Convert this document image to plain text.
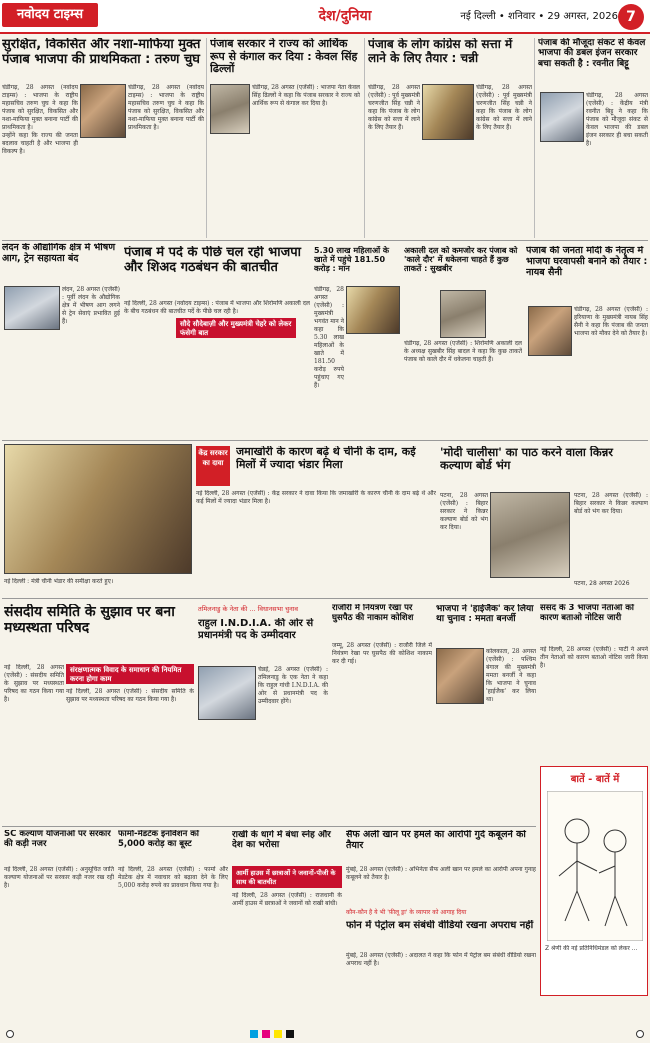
नवोदय टाइम्स	देश/दुनिया	नई दिल्ली • शनिवार • 29 अगस्त, 2026 7
सुरक्षित, विकसित और नशा-माफिया मुक्त पंजाब भाजपा की प्राथमिकता : तरुण चुघ
चंडीगढ़, 28 अगस्त (नवोदय टाइम्स) : भाजपा के राष्ट्रीय महासचिव तरुण चुघ ने कहा कि पंजाब को सुरक्षित, विकसित और नशा-माफिया मुक्त बनाना पार्टी की प्राथमिकता है।
उन्होंने कहा कि राज्य की जनता बदलाव चाहती है और भाजपा ही विकल्प है।
चंडीगढ़, 28 अगस्त (नवोदय टाइम्स) : भाजपा के राष्ट्रीय महासचिव तरुण चुघ ने कहा कि पंजाब को सुरक्षित, विकसित और नशा-माफिया मुक्त बनाना पार्टी की प्राथमिकता है।
पंजाब सरकार ने राज्य को आर्थिक रूप से कंगाल कर दिया : केवल सिंह ढिल्लों
चंडीगढ़, 28 अगस्त (एजेंसी) : भाजपा नेता केवल सिंह ढिल्लों ने कहा कि पंजाब सरकार ने राज्य को आर्थिक रूप से कंगाल कर दिया है।
पंजाब के लोग कांग्रेस को सत्ता में लाने के लिए तैयार : चन्नी
चंडीगढ़, 28 अगस्त (एजेंसी) : पूर्व मुख्यमंत्री चरणजीत सिंह चन्नी ने कहा कि पंजाब के लोग कांग्रेस को सत्ता में लाने के लिए तैयार हैं।
चंडीगढ़, 28 अगस्त (एजेंसी) : पूर्व मुख्यमंत्री चरणजीत सिंह चन्नी ने कहा कि पंजाब के लोग कांग्रेस को सत्ता में लाने के लिए तैयार हैं।
पंजाब की मौजूदा संकट से केवल भाजपा की डबल इंजन सरकार बचा सकती है : रवनीत बिट्टू
चंडीगढ़, 28 अगस्त (एजेंसी) : केंद्रीय मंत्री रवनीत बिट्टू ने कहा कि पंजाब को मौजूदा संकट से केवल भाजपा की डबल इंजन सरकार ही बचा सकती है।
लंदन के औद्योगिक क्षेत्र में भीषण आग, ट्रेन सहायता बंद
लंदन, 28 अगस्त (एजेंसी) : पूर्वी लंदन के औद्योगिक क्षेत्र में भीषण आग लगने से ट्रेन सेवाएं प्रभावित हुई हैं।
पंजाब में पर्दे के पीछे चल रही भाजपा और शिअद गठबंधन की बातचीत
सौदे सौदेबाज़ी और मुख्यमंत्री चेहरे को लेकर फंसेगी बात
नई दिल्ली, 28 अगस्त (नवोदय टाइम्स) : पंजाब में भाजपा और शिरोमणि अकाली दल के बीच गठबंधन की बातचीत पर्दे के पीछे चल रही है।
5.30 लाख महिलाओं के खाते में पहुंचे 181.50 करोड़ : मान
चंडीगढ़, 28 अगस्त (एजेंसी) : मुख्यमंत्री भगवंत मान ने कहा कि 5.30 लाख महिलाओं के खाते में 181.50 करोड़ रुपये पहुंचाए गए हैं।
अकाली दल को कमजोर कर पंजाब को 'काले दौर' में धकेलना चाहते हैं कुछ ताकतें : सुखबीर
चंडीगढ़, 28 अगस्त (एजेंसी) : शिरोमणि अकाली दल के अध्यक्ष सुखबीर सिंह बादल ने कहा कि कुछ ताकतें पंजाब को काले दौर में धकेलना चाहती हैं।
पंजाब की जनता मोदी के नेतृत्व में भाजपा घरवापसी बनाने को तैयार : नायब सैनी
चंडीगढ़, 28 अगस्त (एजेंसी) : हरियाणा के मुख्यमंत्री नायब सिंह सैनी ने कहा कि पंजाब की जनता भाजपा को मौका देने को तैयार है।
केंद्र सरकार का दावा
जमाखोरी के कारण बढ़े थे चीनी के दाम, कई मिलों में ज्यादा भंडार मिला
नई दिल्ली, 28 अगस्त (एजेंसी) : केंद्र सरकार ने दावा किया कि जमाखोरी के कारण चीनी के दाम बढ़े थे और कई मिलों में ज्यादा भंडार मिला है।
नई दिल्ली : मंत्री चीनी भंडार की समीक्षा करते हुए।
'मोदी चालीसा' का पाठ करने वाला किन्नर कल्याण बोर्ड भंग
पटना, 28 अगस्त (एजेंसी) : बिहार सरकार ने किन्नर कल्याण बोर्ड को भंग कर दिया।
पटना, 28 अगस्त (एजेंसी) : बिहार सरकार ने किन्नर कल्याण बोर्ड को भंग कर दिया।
पटना, 28 अगस्त 2026
संसदीय समिति के सुझाव पर बना मध्यस्थता परिषद
संरक्षणात्मक विवाद के समाधान की नियमित करना होगा काम
नई दिल्ली, 28 अगस्त (एजेंसी) : संसदीय समिति के सुझाव पर मध्यस्थता परिषद का गठन किया गया है।
नई दिल्ली, 28 अगस्त (एजेंसी) : संसदीय समिति के सुझाव पर मध्यस्थता परिषद का गठन किया गया है।
तमिलनाडु के नेता की ... विधानसभा चुनाव
राहुल I.N.D.I.A. की ओर से प्रधानमंत्री पद के उम्मीदवार
चेन्नई, 28 अगस्त (एजेंसी) : तमिलनाडु के एक नेता ने कहा कि राहुल गांधी I.N.D.I.A. की ओर से प्रधानमंत्री पद के उम्मीदवार होंगे।
राजौरी में नियंत्रण रेखा पर घुसपैठ की नाकाम कोशिश
जम्मू, 28 अगस्त (एजेंसी) : राजौरी जिले में नियंत्रण रेखा पर घुसपैठ की कोशिश नाकाम कर दी गई।
भाजपा ने 'हाईजैक' कर लिया था चुनाव : ममता बनर्जी
कोलकाता, 28 अगस्त (एजेंसी) : पश्चिम बंगाल की मुख्यमंत्री ममता बनर्जी ने कहा कि भाजपा ने चुनाव 'हाईजैक' कर लिया था।
संसद के 3 भाजपा नेताओं को कारण बताओ नोटिस जारी
नई दिल्ली, 28 अगस्त (एजेंसी) : पार्टी ने अपने तीन नेताओं को कारण बताओ नोटिस जारी किया है।
बातें - बातें में
Z श्रेणी की नई प्रतिनिधिमंडल को लेकर ...
SC कल्याण योजनाओं पर सरकार की कड़ी नजर
नई दिल्ली, 28 अगस्त (एजेंसी) : अनुसूचित जाति कल्याण योजनाओं पर सरकार कड़ी नजर रख रही है।
फार्मा-मेडटेक इनोवेशन को 5,000 करोड़ का बूस्ट
नई दिल्ली, 28 अगस्त (एजेंसी) : फार्मा और मेडटेक क्षेत्र में नवाचार को बढ़ावा देने के लिए 5,000 करोड़ रुपये का प्रावधान किया गया है।
राखी के धागे में बंधा स्नेह और देश का भरोसा
आर्मी हाउस में छात्राओं ने जवानों-पीजी के साथ की बातचीत
नई दिल्ली, 28 अगस्त (एजेंसी) : राजधानी के आर्मी हाउस में छात्राओं ने जवानों को राखी बांधी।
सैफ अली खान पर हमले का आरोपी गुर्द कबूलने को तैयार
मुंबई, 28 अगस्त (एजेंसी) : अभिनेता सैफ अली खान पर हमले का आरोपी अपना गुनाह कबूलने को तैयार है।
कौन-कौन है ये भी 'फ़ीलू ड्रा' के व्यापार को आगाह दिया
फोन में पेट्रोल बम संबंधी वीडियो रखना अपराध नहीं
मुंबई, 28 अगस्त (एजेंसी) : अदालत ने कहा कि फोन में पेट्रोल बम संबंधी वीडियो रखना अपराध नहीं है।
